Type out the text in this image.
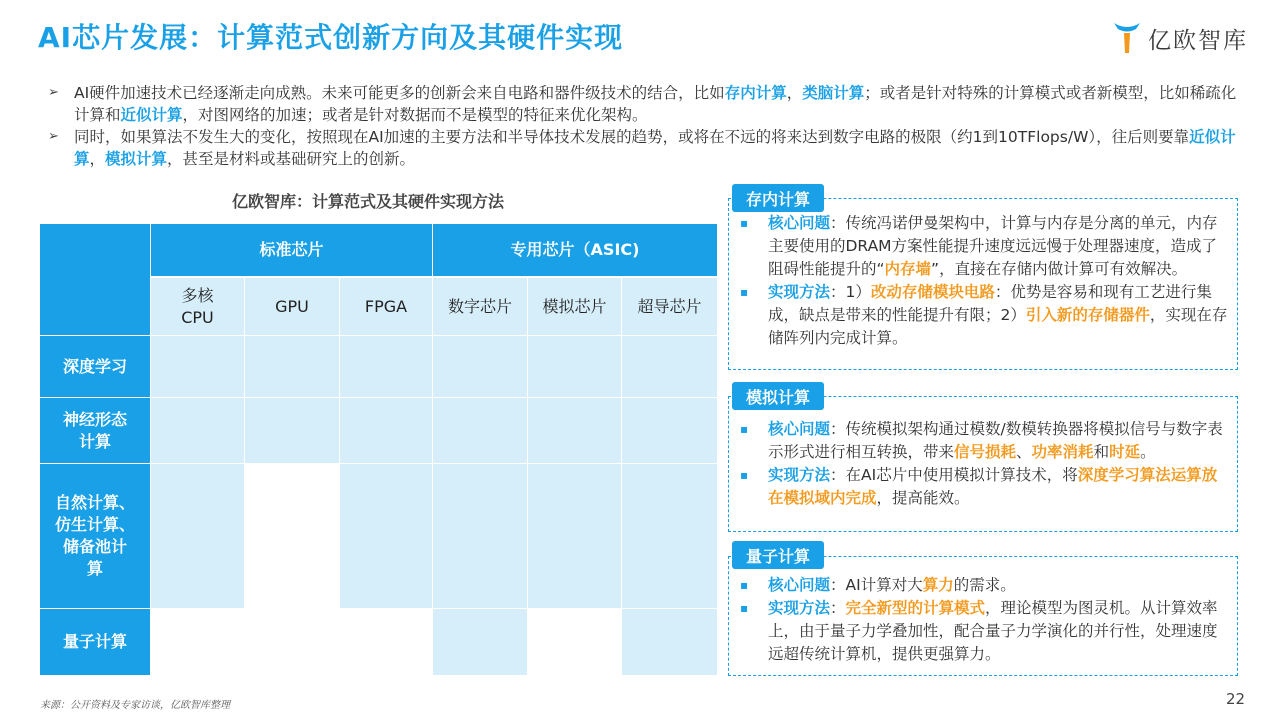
AI芯片发展：计算范式创新方向及其硬件实现	亿欧智库
➢ AI硬件加速技术已经逐渐走向成熟。未来可能更多的创新会来自电路和器件级技术的结合，比如存内计算，类脑计算；或者是针对特殊的计算模式或者新模型，比如稀疏化计算和近似计算，对图网络的加速；或者是针对数据而不是模型的特征来优化架构。
➢ 同时，如果算法不发生大的变化，按照现在AI加速的主要方法和半导体技术发展的趋势，或将在不远的将来达到数字电路的极限（约1到10TFlops/W），往后则要靠近似计算，模拟计算，甚至是材料或基础研究上的创新。
亿欧智库：计算范式及其硬件实现方法
标准芯片	专用芯片（ASIC)
多核
CPU
GPU	FPGA	数字芯片	模拟芯片	超导芯片
深度学习
神经形态
计算
自然计算、
仿生计算、
储备池计
算
量子计算
存内计算
▪ 核心问题：传统冯诺伊曼架构中，计算与内存是分离的单元，内存主要使用的DRAM方案性能提升速度远远慢于处理器速度，造成了阻碍性能提升的“内存墙”，直接在存储内做计算可有效解决。
▪ 实现方法：1）改动存储模块电路：优势是容易和现有工艺进行集成，缺点是带来的性能提升有限；2）引入新的存储器件，实现在存储阵列内完成计算。
模拟计算
▪ 核心问题：传统模拟架构通过模数/数模转换器将模拟信号与数字表示形式进行相互转换，带来信号损耗、功率消耗和时延。
▪ 实现方法：在AI芯片中使用模拟计算技术，将深度学习算法运算放在模拟域内完成，提高能效。
量子计算
▪ 核心问题：AI计算对大算力的需求。
▪ 实现方法：完全新型的计算模式，理论模型为图灵机。从计算效率上，由于量子力学叠加性，配合量子力学演化的并行性，处理速度远超传统计算机，提供更强算力。
来源：公开资料及专家访谈，亿欧智库整理	22
